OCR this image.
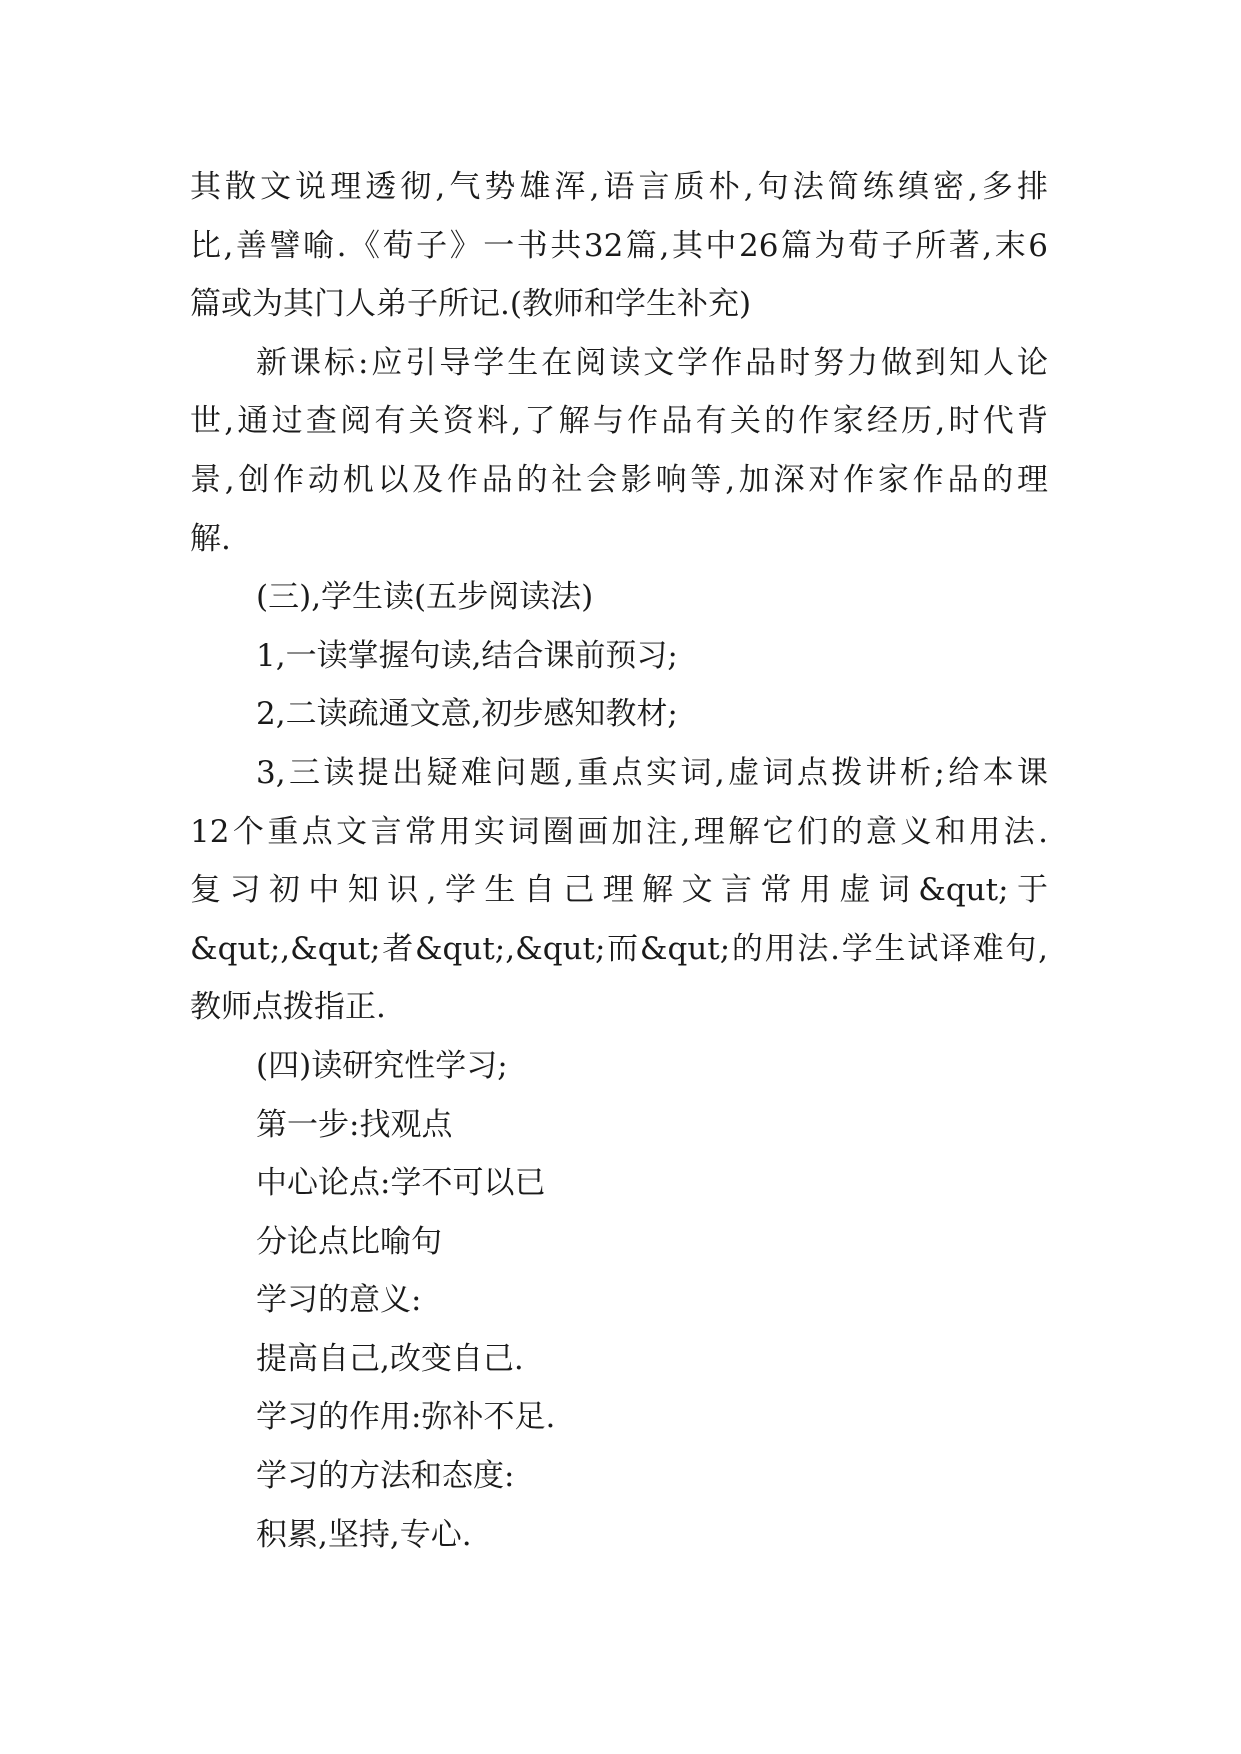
其散文说理透彻,气势雄浑,语言质朴,句法简练缜密,多排
比,善譬喻.《荀子》一书共32篇,其中26篇为荀子所著,末6
篇或为其门人弟子所记.(教师和学生补充)
新课标:应引导学生在阅读文学作品时努力做到知人论
世,通过查阅有关资料,了解与作品有关的作家经历,时代背
景,创作动机以及作品的社会影响等,加深对作家作品的理
解.
(三),学生读(五步阅读法)
1,一读掌握句读,结合课前预习;
2,二读疏通文意,初步感知教材;
3,三读提出疑难问题,重点实词,虚词点拨讲析;给本课
12个重点文言常用实词圈画加注,理解它们的意义和用法.
复习初中知识,学生自己理解文言常用虚词&qut;于
&qut;,&qut;者&qut;,&qut;而&qut;的用法.学生试译难句,
教师点拨指正.
(四)读研究性学习;
第一步:找观点
中心论点:学不可以已
分论点比喻句
学习的意义:
提高自己,改变自己.
学习的作用:弥补不足.
学习的方法和态度:
积累,坚持,专心.
